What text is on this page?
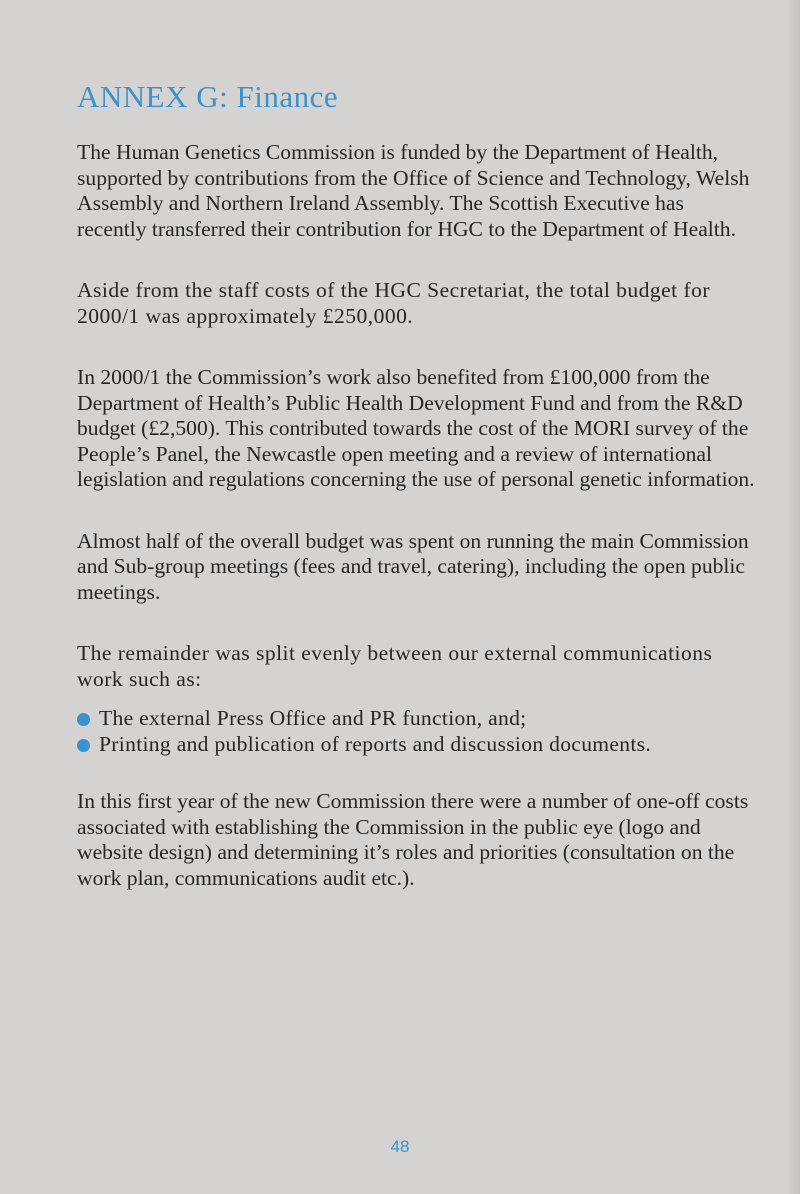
ANNEX G: Finance

The Human Genetics Commission is funded by the Department of Health, supported by contributions from the Office of Science and Technology, Welsh Assembly and Northern Ireland Assembly. The Scottish Executive has recently transferred their contribution for HGC to the Department of Health.

Aside from the staff costs of the HGC Secretariat, the total budget for 2000/1 was approximately £250,000.

In 2000/1 the Commission’s work also benefited from £100,000 from the Department of Health’s Public Health Development Fund and from the R&D budget (£2,500). This contributed towards the cost of the MORI survey of the People’s Panel, the Newcastle open meeting and a review of international legislation and regulations concerning the use of personal genetic information.

Almost half of the overall budget was spent on running the main Commission and Sub-group meetings (fees and travel, catering), including the open public meetings.

The remainder was split evenly between our external communications work such as:

The external Press Office and PR function, and;
Printing and publication of reports and discussion documents.

In this first year of the new Commission there were a number of one-off costs associated with establishing the Commission in the public eye (logo and website design) and determining it’s roles and priorities (consultation on the work plan, communications audit etc.).

48
